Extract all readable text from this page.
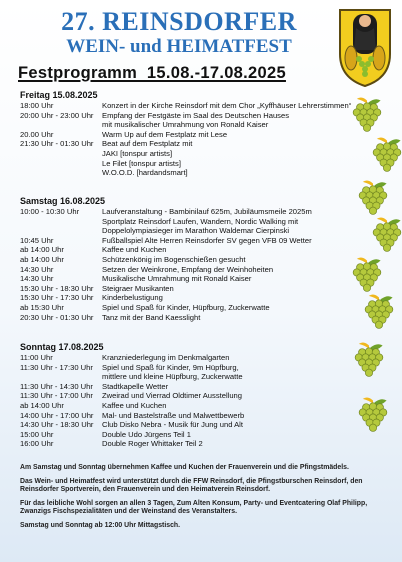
27. REINSDORFER
WEIN- und HEIMATFEST
Festprogramm  15.08.-17.08.2025
Freitag 15.08.2025
18:00 Uhr	Konzert in der Kirche Reinsdorf mit dem Chor „Kyffhäuser Lehrerstimmen“
20:00 Uhr - 23:00 Uhr	Empfang der Festgäste im Saal des Deutschen Hauses
mit musikalischer Umrahmung von Ronald Kaiser
20.00 Uhr	Warm Up auf dem Festplatz mit Lese
21:30 Uhr - 01:30 Uhr	Beat auf dem Festplatz mit
JAKI [tonspur artists]
Le Filet [tonspur artists]
W.O.O.D. [hardandsmart]
Samstag 16.08.2025
10:00 - 10:30 Uhr	Laufveranstaltung - Bambinilauf 625m, Jubiläumsmeile 2025m
Sportplatz Reinsdorf Laufen, Wandern, Nordic Walking mit
Doppelolympiasieger im Marathon Waldemar Cierpinski
10:45 Uhr	Fußballspiel Alte Herren Reinsdorfer SV gegen VFB 09 Wetter
ab 14:00 Uhr	Kaffee und Kuchen
ab 14:00 Uhr	Schützenkönig im Bogenschießen gesucht
14:30 Uhr	Setzen der Weinkrone, Empfang der Weinhoheiten
14:30 Uhr	Musikalische Umrahmung mit Ronald Kaiser
15:30 Uhr - 18:30 Uhr	Steigraer Musikanten
15:30 Uhr - 17:30 Uhr	Kinderbelustigung
ab 15:30 Uhr	Spiel und Spaß für Kinder, Hüpfburg, Zuckerwatte
20:30 Uhr - 01:30 Uhr	Tanz mit der Band Kaesslight
Sonntag 17.08.2025
11:00 Uhr	Kranzniederlegung im Denkmalgarten
11:30 Uhr - 17:30 Uhr	Spiel und Spaß für Kinder, 9m Hüpfburg,
mittlere und kleine Hüpfburg, Zuckerwatte
11:30 Uhr - 14:30 Uhr	Stadtkapelle Wetter
11:30 Uhr - 17:00 Uhr	Zweirad und Vierrad Oldtimer Ausstellung
ab 14:00 Uhr	Kaffee und Kuchen
14:00 Uhr - 17:00 Uhr	Mal- und Bastelstraße und Malwettbewerb
14:30 Uhr - 18:30 Uhr	Club Disko Nebra - Musik für Jung und Alt
15:00 Uhr	Double Udo Jürgens Teil 1
16:00 Uhr	Double Roger Whittaker Teil 2

Am Samstag und Sonntag übernehmen Kaffee und Kuchen der Frauenverein und die Pfingstmädels.

Das Wein- und Heimatfest wird unterstützt durch die FFW Reinsdorf, die Pfingstburschen Reinsdorf, den Reinsdorfer Sportverein, den Frauenverein und den Heimatverein Reinsdorf.

Für das leibliche Wohl sorgen an allen 3 Tagen, Zum Alten Konsum, Party- und Eventcatering Olaf Philipp, Zwanzigs Fischspezialitäten und der Weinstand des Veranstalters.

Samstag und Sonntag ab 12:00 Uhr Mittagstisch.
